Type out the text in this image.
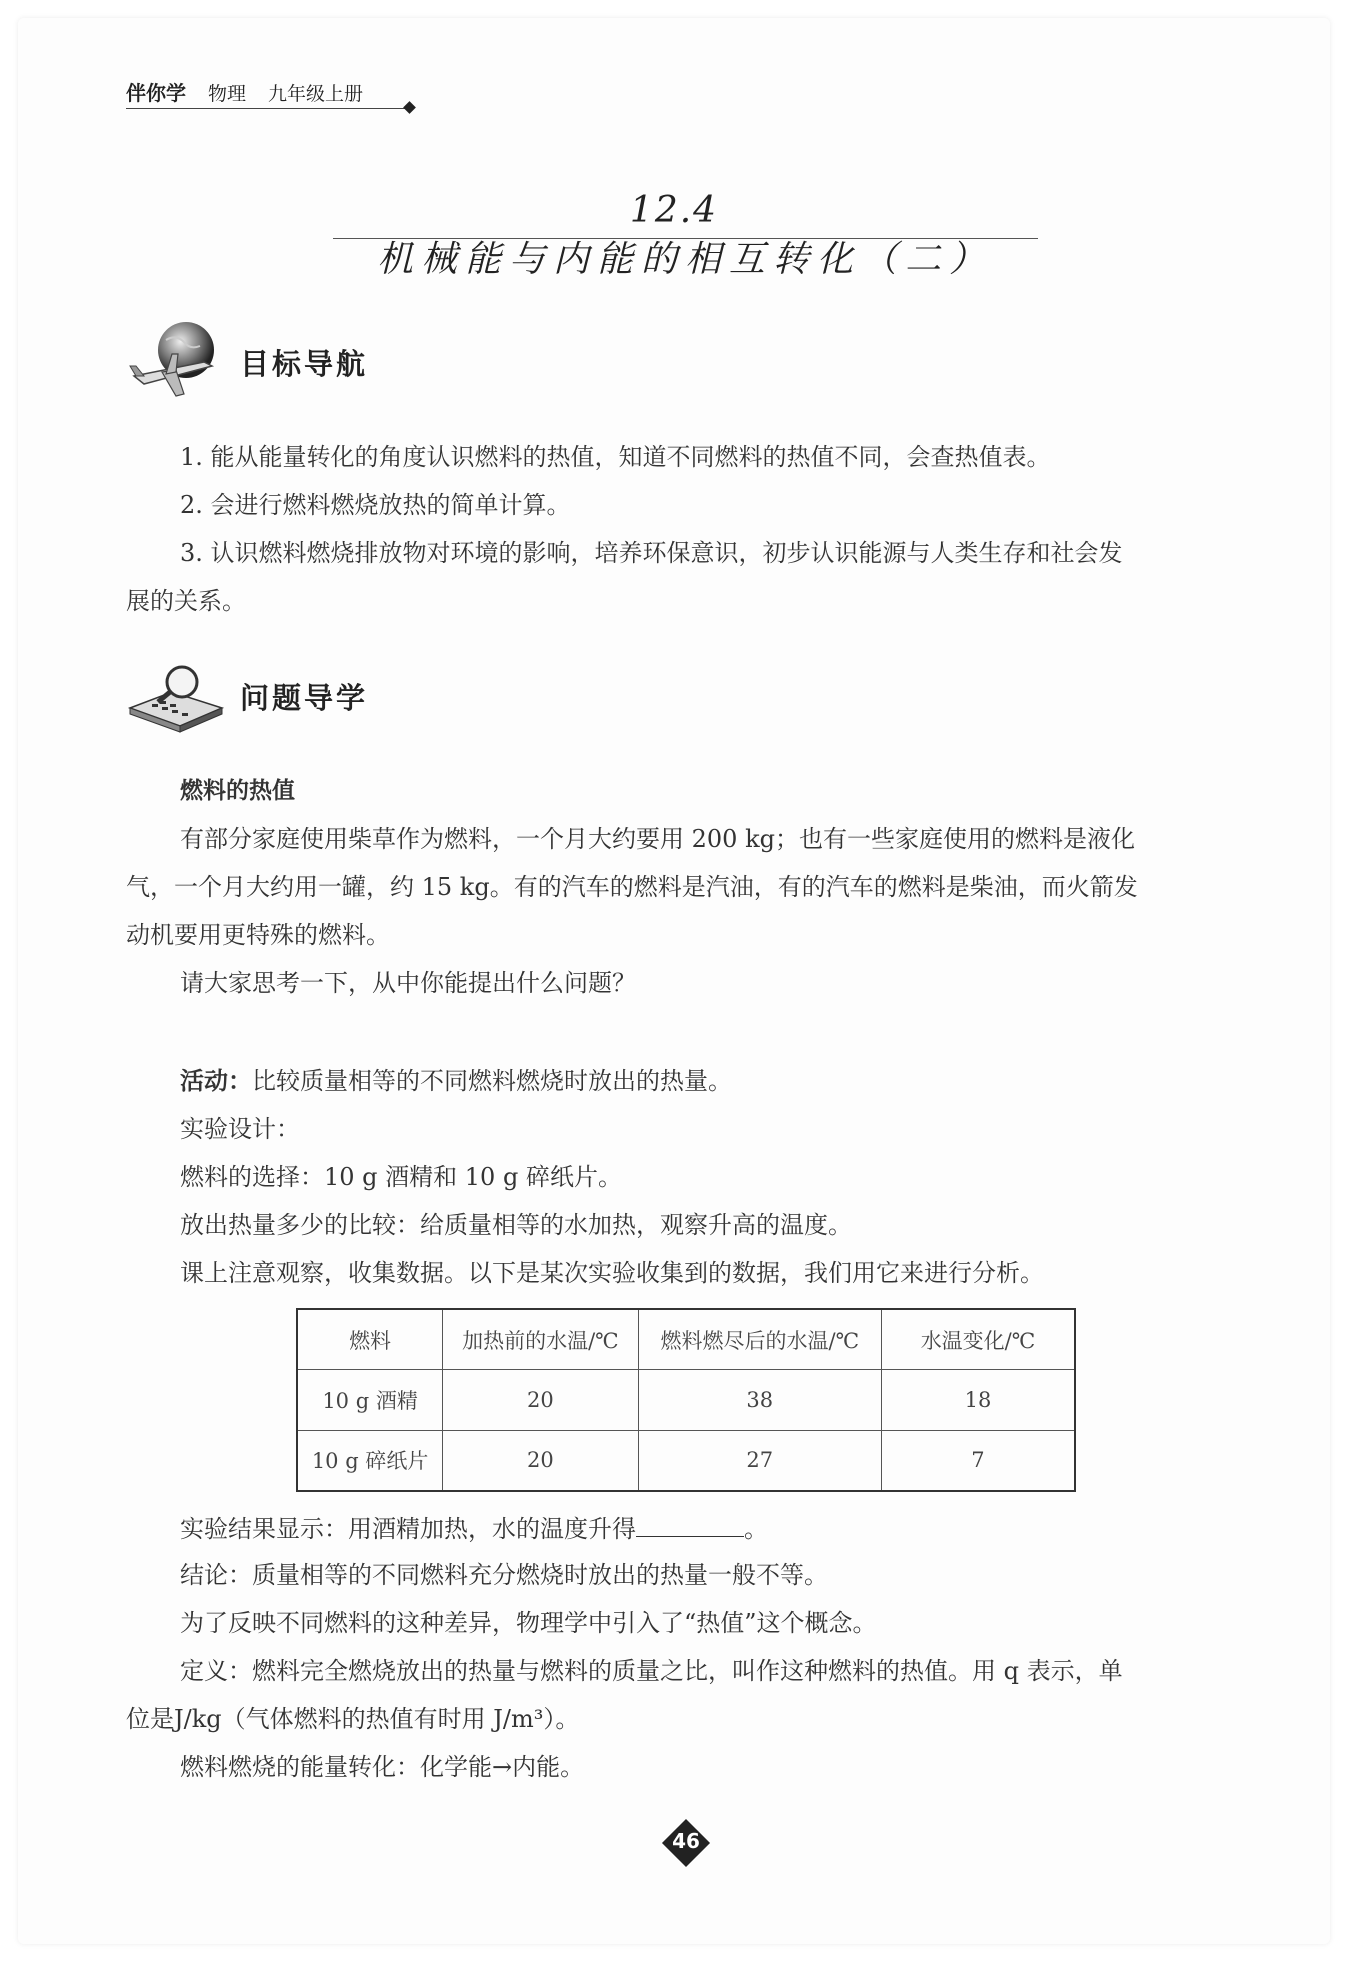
伴你学 物理 九年级上册
12.4机械能与内能的相互转化（二）
目标导航
1. 能从能量转化的角度认识燃料的热值，知道不同燃料的热值不同，会查热值表。
2. 会进行燃料燃烧放热的简单计算。
3. 认识燃料燃烧排放物对环境的影响，培养环保意识，初步认识能源与人类生存和社会发
展的关系。
问题导学
燃料的热值
有部分家庭使用柴草作为燃料，一个月大约要用 200 kg；也有一些家庭使用的燃料是液化
气，一个月大约用一罐，约 15 kg。有的汽车的燃料是汽油，有的汽车的燃料是柴油，而火箭发
动机要用更特殊的燃料。
请大家思考一下，从中你能提出什么问题？
活动：比较质量相等的不同燃料燃烧时放出的热量。
实验设计：
燃料的选择：10 g 酒精和 10 g 碎纸片。
放出热量多少的比较：给质量相等的水加热，观察升高的温度。
课上注意观察，收集数据。以下是某次实验收集到的数据，我们用它来进行分析。
燃料	加热前的水温/℃	燃料燃尽后的水温/℃	水温变化/℃
10 g 酒精	20	38	18
10 g 碎纸片	20	27	7
实验结果显示：用酒精加热，水的温度升得	。
结论：质量相等的不同燃料充分燃烧时放出的热量一般不等。
为了反映不同燃料的这种差异，物理学中引入了“热值”这个概念。
定义：燃料完全燃烧放出的热量与燃料的质量之比，叫作这种燃料的热值。用 q 表示，单
位是J/kg（气体燃料的热值有时用 J/m³）。
燃料燃烧的能量转化：化学能→内能。
46
